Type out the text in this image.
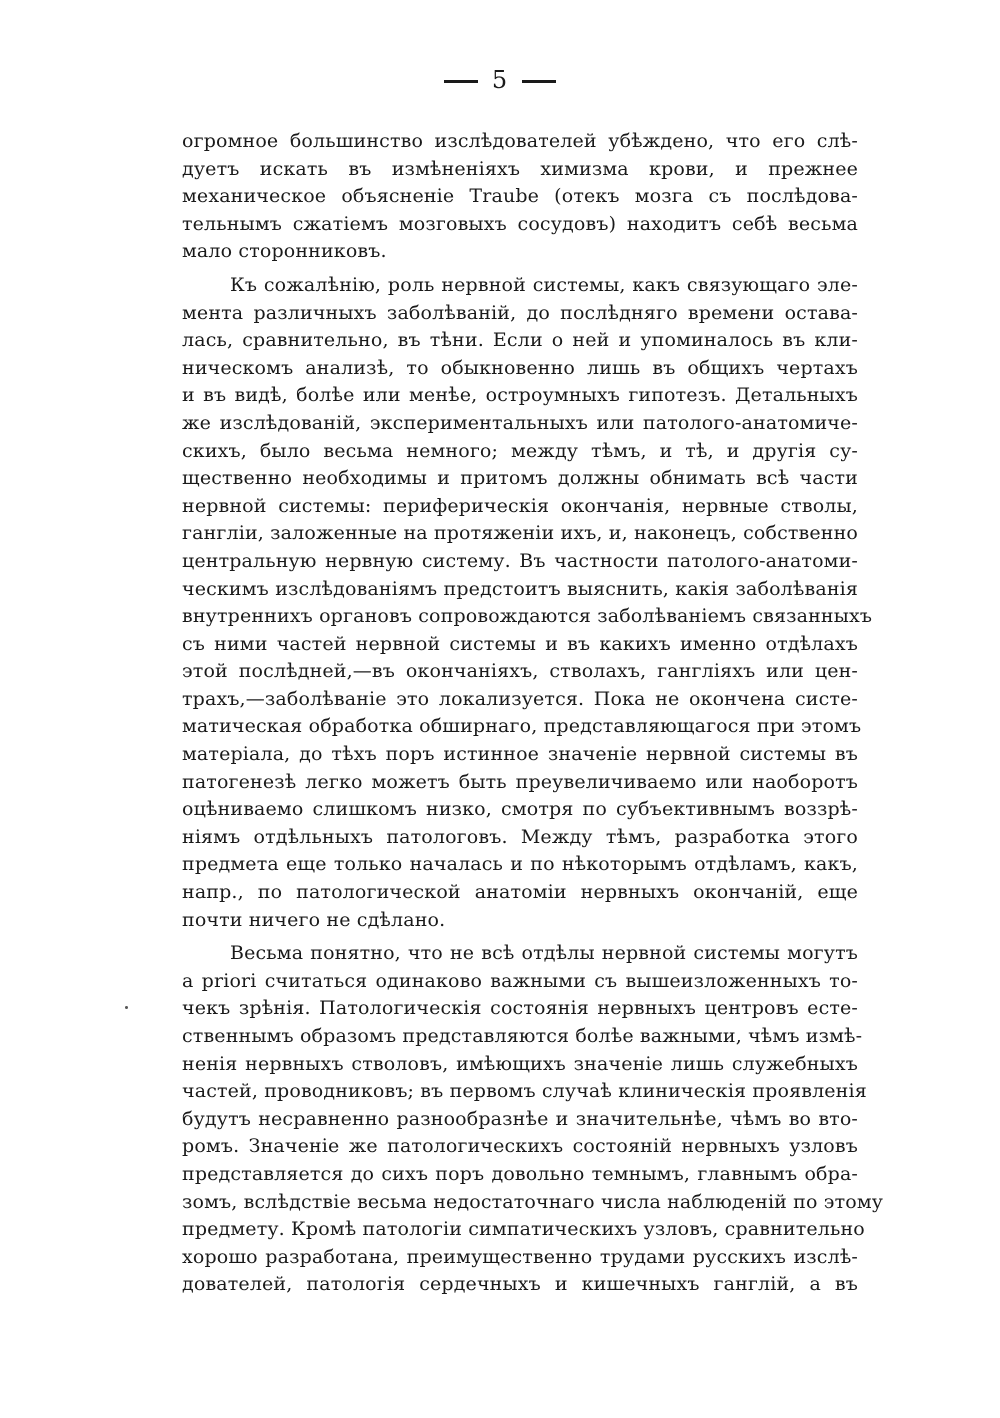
5
огромное большинство изслѣдователей убѣждено, что его слѣ-
дуетъ искать въ измѣненiяхъ химизма крови, и прежнее
механическое объясненiе Traube (отекъ мозга съ послѣдова-
тельнымъ сжатiемъ мозговыхъ сосудовъ) находитъ себѣ весьма
мало сторонниковъ.
Къ сожалѣнiю, роль нервной системы, какъ связующаго эле-
мента различныхъ заболѣванiй, до послѣдняго времени остава-
лась, сравнительно, въ тѣни. Если о ней и упоминалось въ кли-
ническомъ анализѣ, то обыкновенно лишь въ общихъ чертахъ
и въ видѣ, болѣе или менѣе, остроумныхъ гипотезъ. Детальныхъ
же изслѣдованiй, экспериментальныхъ или патолого-анатомиче-
скихъ, было весьма немного; между тѣмъ, и тѣ, и другiя су-
щественно необходимы и притомъ должны обнимать всѣ части
нервной системы: периферическiя окончанiя, нервные стволы,
ганглiи, заложенные на протяженiи ихъ, и, наконецъ, собственно
центральную нервную систему. Въ частности патолого-анатоми-
ческимъ изслѣдованiямъ предстоитъ выяснить, какiя заболѣванiя
внутреннихъ органовъ сопровождаются заболѣванiемъ связанныхъ
съ ними частей нервной системы и въ какихъ именно отдѣлахъ
этой послѣдней,—въ окончанiяхъ, стволахъ, ганглiяхъ или цен-
трахъ,—заболѣванiе это локализуется. Пока не окончена систе-
матическая обработка обширнаго, представляющагося при этомъ
матерiала, до тѣхъ поръ истинное значенiе нервной системы въ
патогенезѣ легко можетъ быть преувеличиваемо или наоборотъ
оцѣниваемо слишкомъ низко, смотря по субъективнымъ воззрѣ-
нiямъ отдѣльныхъ патологовъ. Между тѣмъ, разработка этого
предмета еще только началась и по нѣкоторымъ отдѣламъ, какъ,
напр., по патологической анатомiи нервныхъ окончанiй, еще
почти ничего не сдѣлано.
Весьма понятно, что не всѣ отдѣлы нервной системы могутъ
a priori считаться одинаково важными съ вышеизложенныхъ то-
чекъ зрѣнiя. Патологическiя состоянiя нервныхъ центровъ есте-
ственнымъ образомъ представляются болѣе важными, чѣмъ измѣ-
ненiя нервныхъ стволовъ, имѣющихъ значенiе лишь служебныхъ
частей, проводниковъ; въ первомъ случаѣ клиническiя проявленiя
будутъ несравненно разнообразнѣе и значительнѣе, чѣмъ во вто-
ромъ. Значенiе же патологическихъ состоянiй нервныхъ узловъ
представляется до сихъ поръ довольно темнымъ, главнымъ обра-
зомъ, вслѣдствiе весьма недостаточнаго числа наблюденiй по этому
предмету. Кромѣ патологiи симпатическихъ узловъ, сравнительно
хорошо разработана, преимущественно трудами русскихъ изслѣ-
дователей, патологiя сердечныхъ и кишечныхъ ганглiй, а въ
